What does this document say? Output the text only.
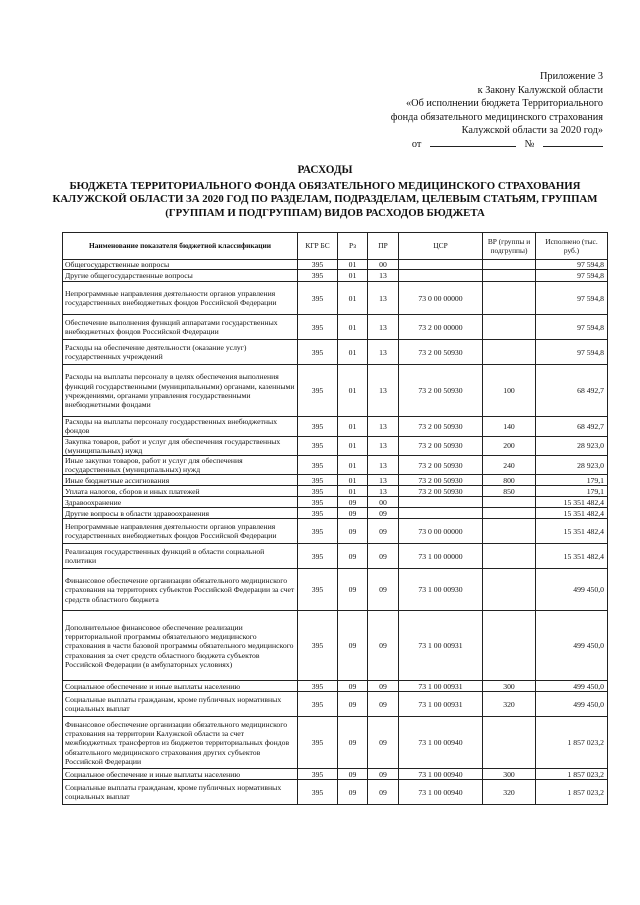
Приложение 3
к Закону Калужской области
«Об исполнении бюджета Территориального
фонда обязательного медицинского страхования
Калужской области за 2020 год»
от	№
РАСХОДЫ
БЮДЖЕТА ТЕРРИТОРИАЛЬНОГО ФОНДА ОБЯЗАТЕЛЬНОГО МЕДИЦИНСКОГО СТРАХОВАНИЯ
КАЛУЖСКОЙ ОБЛАСТИ ЗА 2020 ГОД ПО РАЗДЕЛАМ, ПОДРАЗДЕЛАМ, ЦЕЛЕВЫМ СТАТЬЯМ, ГРУППАМ
(ГРУППАМ И ПОДГРУППАМ) ВИДОВ РАСХОДОВ БЮДЖЕТА
Наименование показателя бюджетной классификации	КГР БС	Рз	ПР	ЦСР	ВР (группы и подгруппы)	Исполнено (тыс. руб.)
Общегосударственные вопросы	395	01	00			97 594,8
Другие общегосударственные вопросы	395	01	13			97 594,8
Непрограммные направления деятельности органов управления государственных внебюджетных фондов Российской Федерации	395	01	13	73 0 00 00000		97 594,8
Обеспечение выполнения функций аппаратами государственных внебюджетных фондов Российской Федерации	395	01	13	73 2 00 00000		97 594,8
Расходы на обеспечение деятельности (оказание услуг) государственных учреждений	395	01	13	73 2 00 50930		97 594,8
Расходы на выплаты персоналу в целях обеспечения выполнения функций государственными (муниципальными) органами, казенными учреждениями, органами управления государственными внебюджетными фондами	395	01	13	73 2 00 50930	100	68 492,7
Расходы на выплаты персоналу государственных внебюджетных фондов	395	01	13	73 2 00 50930	140	68 492,7
Закупка товаров, работ и услуг для обеспечения государственных (муниципальных) нужд	395	01	13	73 2 00 50930	200	28 923,0
Иные закупки товаров, работ и услуг для обеспечения государственных (муниципальных) нужд	395	01	13	73 2 00 50930	240	28 923,0
Иные бюджетные ассигнования	395	01	13	73 2 00 50930	800	179,1
Уплата налогов, сборов и иных платежей	395	01	13	73 2 00 50930	850	179,1
Здравоохранение	395	09	00			15 351 482,4
Другие вопросы в области здравоохранения	395	09	09			15 351 482,4
Непрограммные направления деятельности органов управления государственных внебюджетных фондов Российской Федерации	395	09	09	73 0 00 00000		15 351 482,4
Реализация государственных функций в области социальной политики	395	09	09	73 1 00 00000		15 351 482,4
Финансовое обеспечение организации обязательного медицинского страхования на территориях субъектов Российской Федерации за счет средств областного бюджета	395	09	09	73 1 00 00930		499 450,0
Дополнительное финансовое обеспечение реализации территориальной программы обязательного медицинского страхования в части базовой программы обязательного медицинского страхования за счет средств областного бюджета субъектов Российской Федерации (в амбулаторных условиях)	395	09	09	73 1 00 00931		499 450,0
Социальное обеспечение и иные выплаты населению	395	09	09	73 1 00 00931	300	499 450,0
Социальные выплаты гражданам, кроме публичных нормативных социальных выплат	395	09	09	73 1 00 00931	320	499 450,0
Финансовое обеспечение организации обязательного медицинского страхования на территории Калужской области за счет межбюджетных трансфертов из бюджетов территориальных фондов обязательного медицинского страхования других субъектов Российской Федерации	395	09	09	73 1 00 00940		1 857 023,2
Социальное обеспечение и иные выплаты населению	395	09	09	73 1 00 00940	300	1 857 023,2
Социальные выплаты гражданам, кроме публичных нормативных социальных выплат	395	09	09	73 1 00 00940	320	1 857 023,2
